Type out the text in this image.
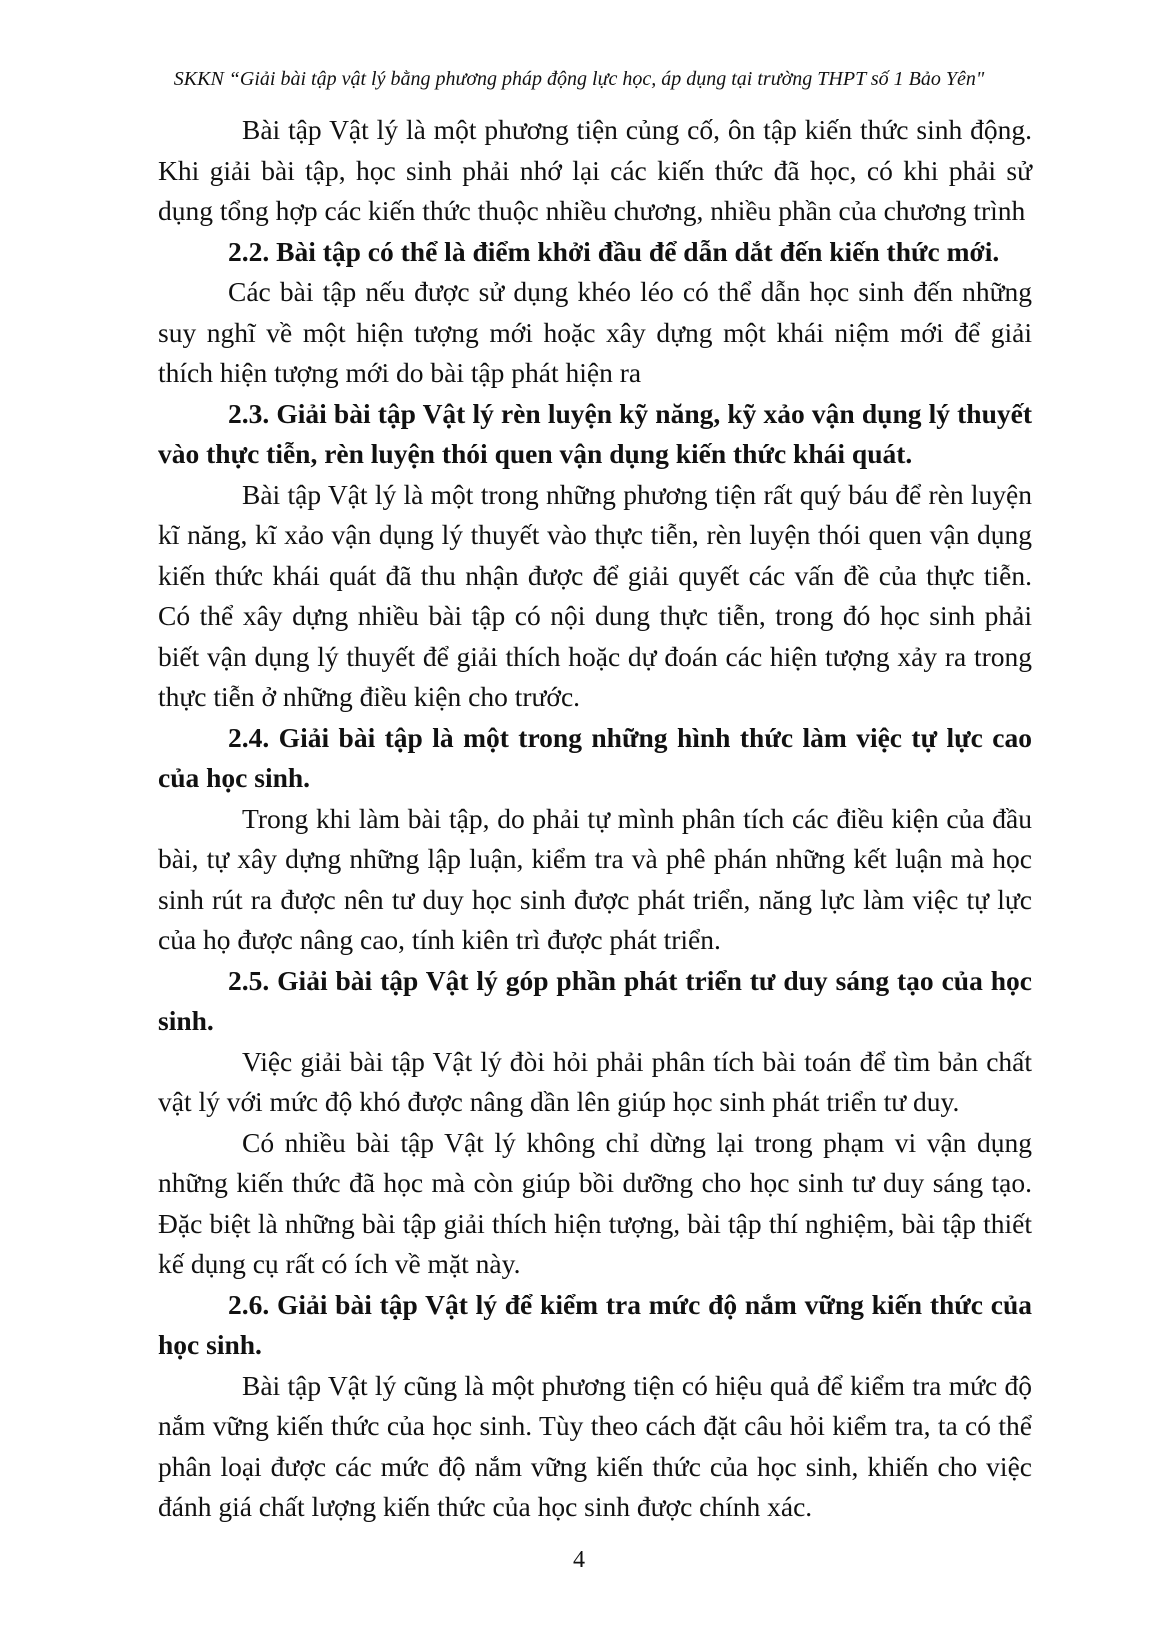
SKKN “Giải bài tập vật lý bằng phương pháp động lực học, áp dụng tại trường THPT số 1 Bảo Yên"

Bài tập Vật lý là một phương tiện củng cố, ôn tập kiến thức sinh động. Khi giải bài tập, học sinh phải nhớ lại các kiến thức đã học, có khi phải sử dụng tổng hợp các kiến thức thuộc nhiều chương, nhiều phần của chương trình

2.2. Bài tập có thể là điểm khởi đầu để dẫn dắt đến kiến thức mới.

Các bài tập nếu được sử dụng khéo léo có thể dẫn học sinh đến những suy nghĩ về một hiện tượng mới hoặc xây dựng một khái niệm mới để giải thích hiện tượng mới do bài tập phát hiện ra

2.3. Giải bài tập Vật lý rèn luyện kỹ năng, kỹ xảo vận dụng lý thuyết vào thực tiễn, rèn luyện thói quen vận dụng kiến thức khái quát.

Bài tập Vật lý là một trong những phương tiện rất quý báu để rèn luyện kĩ năng, kĩ xảo vận dụng lý thuyết vào thực tiễn, rèn luyện thói quen vận dụng kiến thức khái quát đã thu nhận được để giải quyết các vấn đề của thực tiễn. Có thể xây dựng nhiều bài tập có nội dung thực tiễn, trong đó học sinh phải biết vận dụng lý thuyết để giải thích hoặc dự đoán các hiện tượng xảy ra trong thực tiễn ở những điều kiện cho trước.

2.4. Giải bài tập là một trong những hình thức làm việc tự lực cao của học sinh.

Trong khi làm bài tập, do phải tự mình phân tích các điều kiện của đầu bài, tự xây dựng những lập luận, kiểm tra và phê phán những kết luận mà học sinh rút ra được nên tư duy học sinh được phát triển, năng lực làm việc tự lực của họ được nâng cao, tính kiên trì được phát triển.

2.5. Giải bài tập Vật lý góp phần phát triển tư duy sáng tạo của học sinh.

Việc giải bài tập Vật lý đòi hỏi phải phân tích bài toán để tìm bản chất vật lý với mức độ khó được nâng dần lên giúp học sinh phát triển tư duy.

Có nhiều bài tập Vật lý không chỉ dừng lại trong phạm vi vận dụng những kiến thức đã học mà còn giúp bồi dưỡng cho học sinh tư duy sáng tạo. Đặc biệt là những bài tập giải thích hiện tượng, bài tập thí nghiệm, bài tập thiết kế dụng cụ rất có ích về mặt này.

2.6. Giải bài tập Vật lý để kiểm tra mức độ nắm vững kiến thức của học sinh.

Bài tập Vật lý cũng là một phương tiện có hiệu quả để kiểm tra mức độ nắm vững kiến thức của học sinh. Tùy theo cách đặt câu hỏi kiểm tra, ta có thể phân loại được các mức độ nắm vững kiến thức của học sinh, khiến cho việc đánh giá chất lượng kiến thức của học sinh được chính xác.

4
